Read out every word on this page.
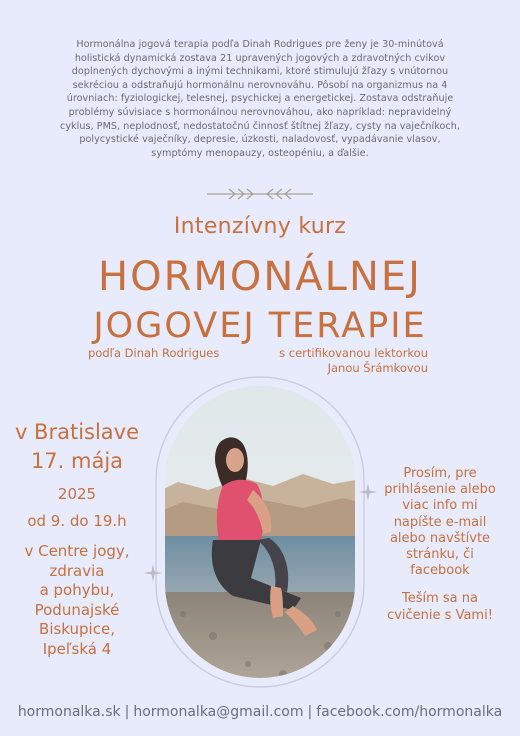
Hormonálna jogová terapia podľa Dinah Rodrigues pre ženy je 30-minútová
holistická dynamická zostava 21 upravených jogových a zdravotných cvikov
doplnených dychovými a inými technikami, ktoré stimulujú žľazy s vnútornou
sekréciou a odstraňujú hormonálnu nerovnováhu. Pôsobí na organizmus na 4
úrovniach: fyziologickej, telesnej, psychickej a energetickej. Zostava odstraňuje
problémy súvisiace s hormonálnou nerovnováhou, ako napríklad: nepravidelný
cyklus, PMS, neplodnosť, nedostatočnú činnosť štítnej žľazy, cysty na vaječníkoch,
polycystické vaječníky, depresie, úzkosti, naladovosť, vypadávanie vlasov,
symptómy menopauzy, osteopéniu, a ďalšie.
Intenzívny kurz
HORMONÁLNEJ
JOGOVEJ TERAPIE
podľa Dinah Rodrigues	s certifikovanou lektorkou
Janou Šrámkovou
v Bratislave
17. mája
2025
od 9. do 19.h
v Centre jogy,
zdravia
a pohybu,
Podunajské
Biskupice,
Ipeľská 4
Prosím, pre
prihlásenie alebo
viac info mi
napíšte e-mail
alebo navštívte
stránku, či
facebook
Teším sa na
cvičenie s Vami!
hormonalka.sk | hormonalka@gmail.com | facebook.com/hormonalka
